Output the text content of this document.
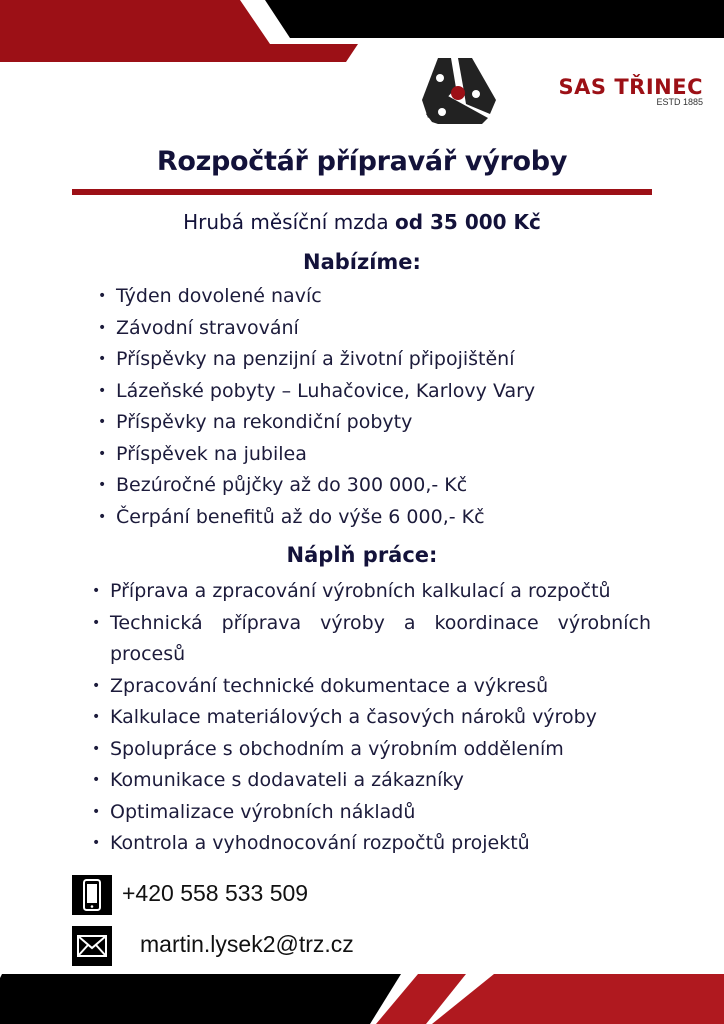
SAS TŘINEC
ESTD 1885
Rozpočtář přípravář výroby
Hrubá měsíční mzda od 35 000 Kč
Nabízíme:
• Týden dovolené navíc
• Závodní stravování
• Příspěvky na penzijní a životní připojištění
• Lázeňské pobyty – Luhačovice, Karlovy Vary
• Příspěvky na rekondiční pobyty
• Příspěvek na jubilea
• Bezúročné půjčky až do 300 000,- Kč
• Čerpání benefitů až do výše 6 000,- Kč
Náplň práce:
• Příprava a zpracování výrobních kalkulací a rozpočtů
• Technická příprava výroby a koordinace výrobních procesů
• Zpracování technické dokumentace a výkresů
• Kalkulace materiálových a časových nároků výroby
• Spolupráce s obchodním a výrobním oddělením
• Komunikace s dodavateli a zákazníky
• Optimalizace výrobních nákladů
• Kontrola a vyhodnocování rozpočtů projektů
+420 558 533 509
martin.lysek2@trz.cz
